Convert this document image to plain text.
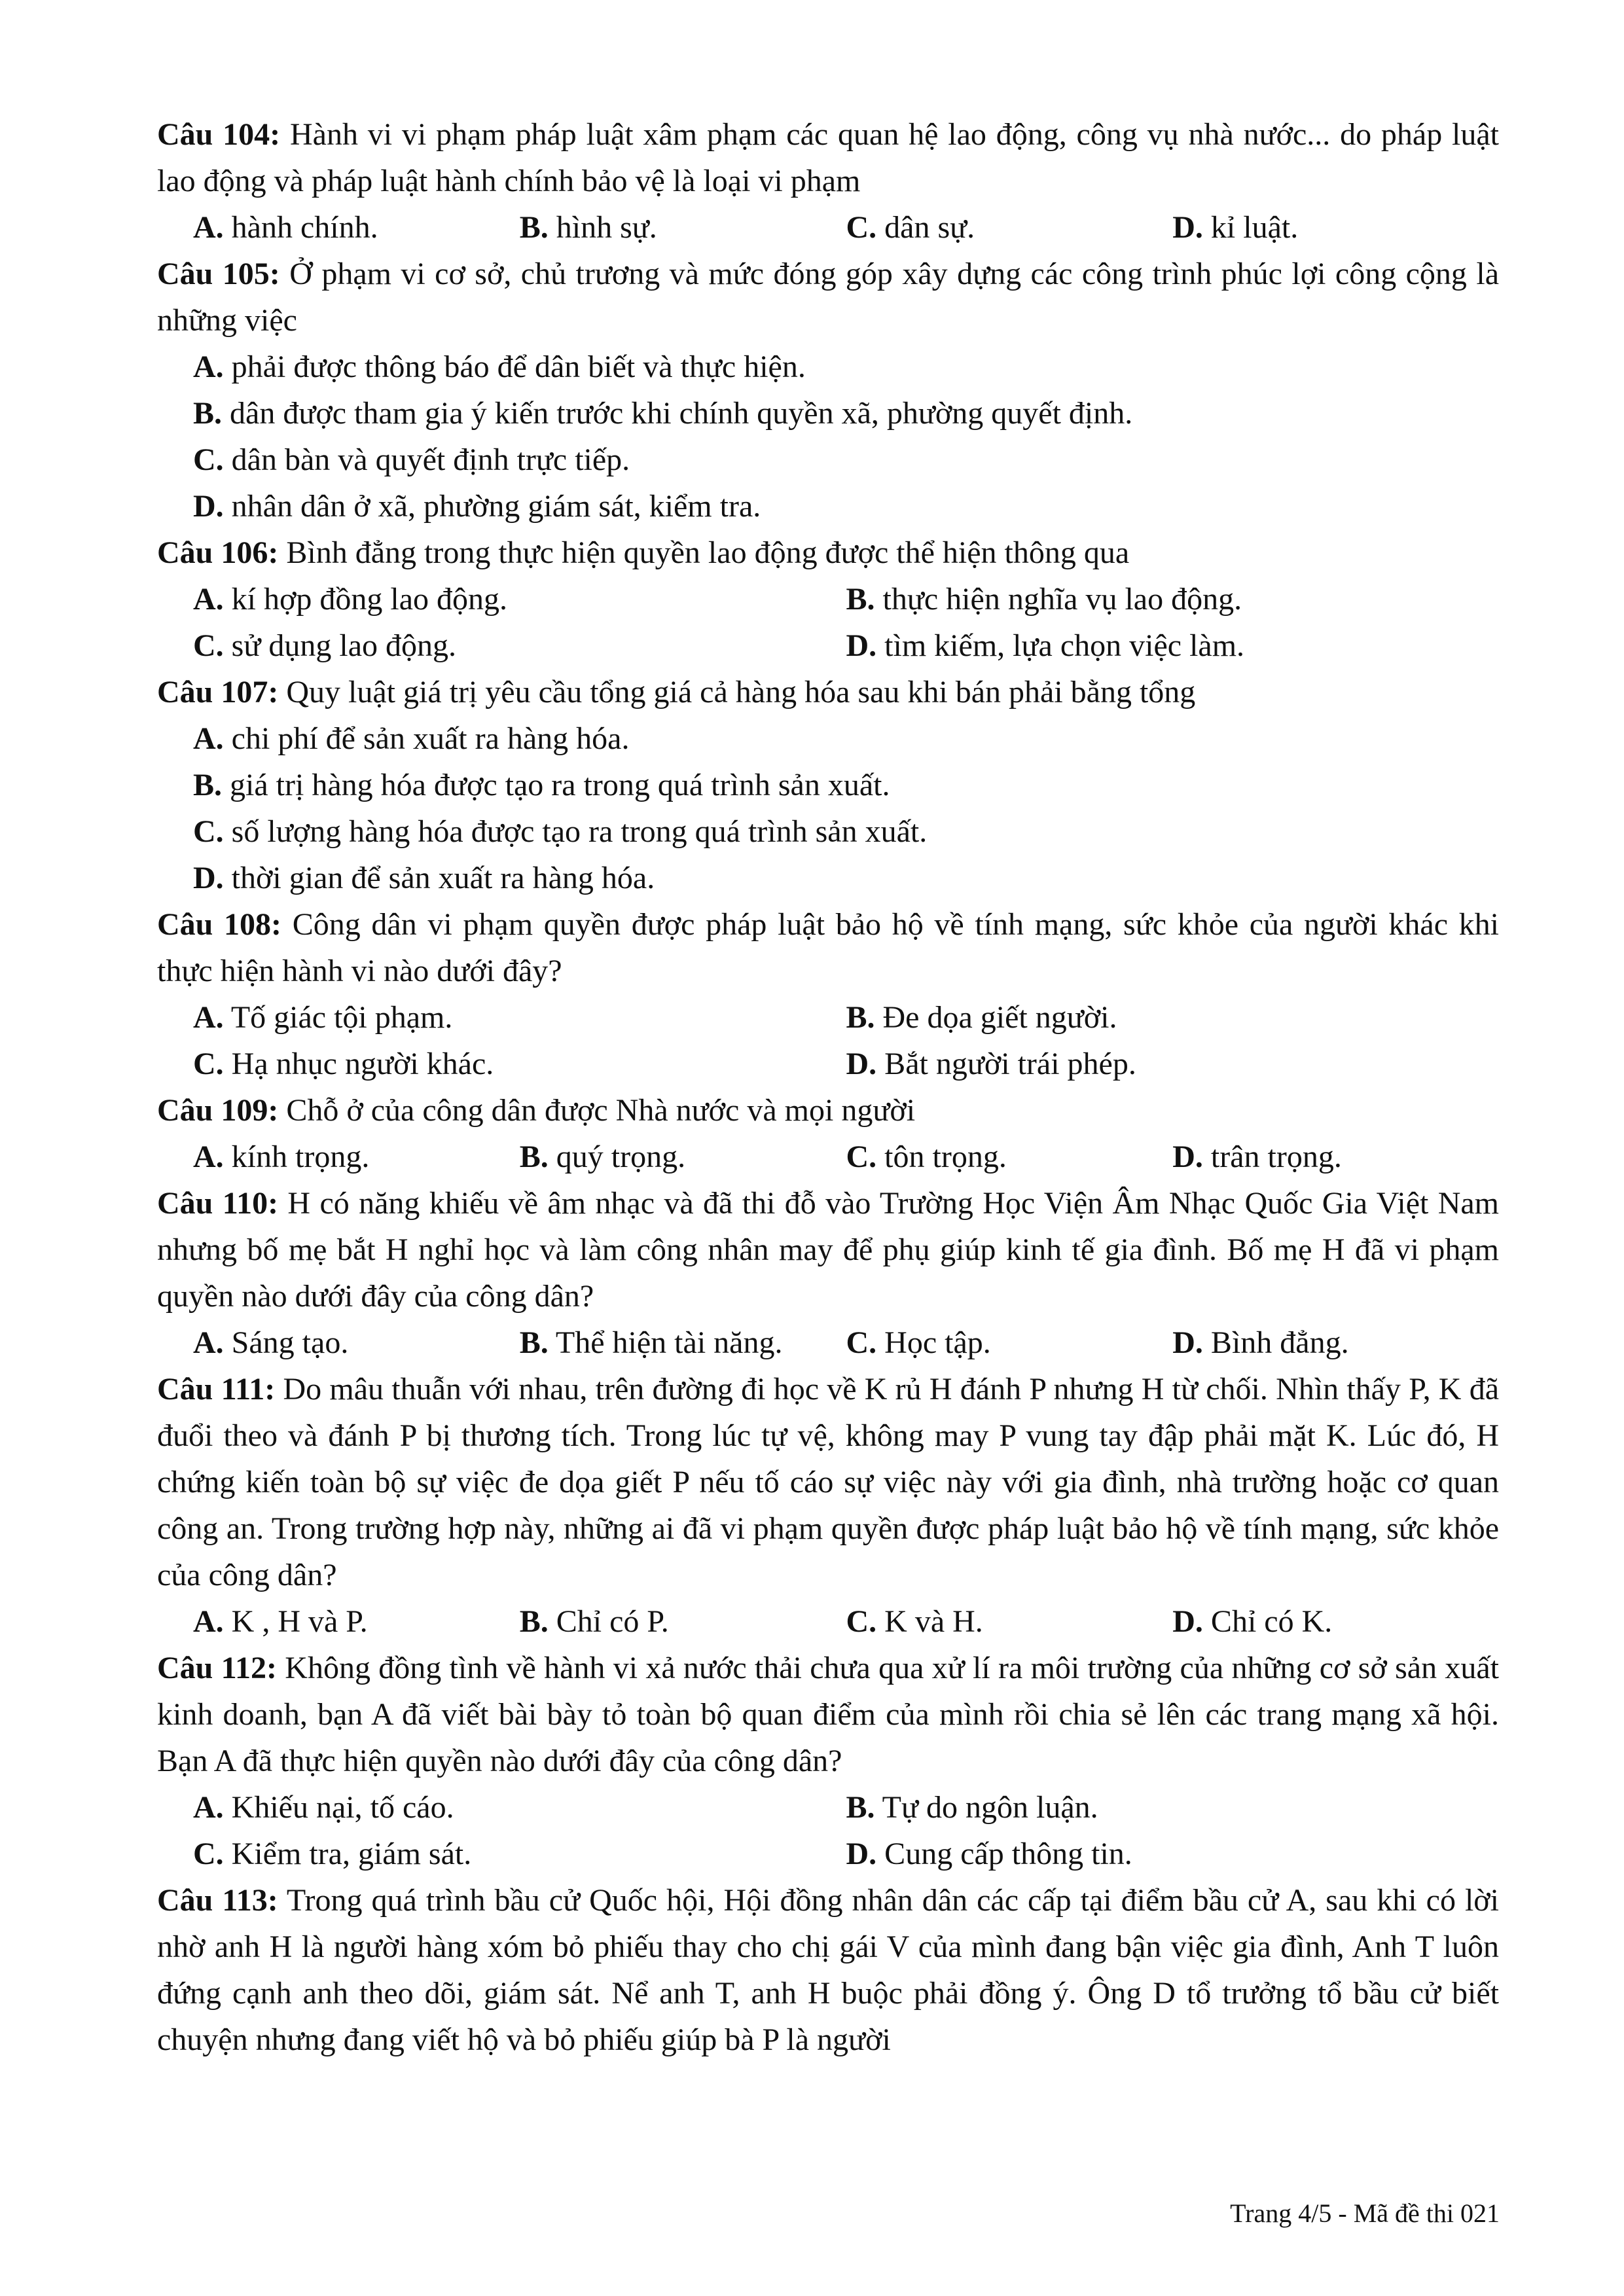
Câu 104: Hành vi vi phạm pháp luật xâm phạm các quan hệ lao động, công vụ nhà nước... do pháp luật lao động và pháp luật hành chính bảo vệ là loại vi phạm
A. hành chính.	B. hình sự.	C. dân sự.	D. kỉ luật.
Câu 105: Ở phạm vi cơ sở, chủ trương và mức đóng góp xây dựng các công trình phúc lợi công cộng là những việc
A. phải được thông báo để dân biết và thực hiện.
B. dân được tham gia ý kiến trước khi chính quyền xã, phường quyết định.
C. dân bàn và quyết định trực tiếp.
D. nhân dân ở xã, phường giám sát, kiểm tra.
Câu 106: Bình đẳng trong thực hiện quyền lao động được thể hiện thông qua
A. kí hợp đồng lao động.	B. thực hiện nghĩa vụ lao động.
C. sử dụng lao động.	D. tìm kiếm, lựa chọn việc làm.
Câu 107: Quy luật giá trị yêu cầu tổng giá cả hàng hóa sau khi bán phải bằng tổng
A. chi phí để sản xuất ra hàng hóa.
B. giá trị hàng hóa được tạo ra trong quá trình sản xuất.
C. số lượng hàng hóa được tạo ra trong quá trình sản xuất.
D. thời gian để sản xuất ra hàng hóa.
Câu 108: Công dân vi phạm quyền được pháp luật bảo hộ về tính mạng, sức khỏe của người khác khi thực hiện hành vi nào dưới đây?
A. Tố giác tội phạm.	B. Đe dọa giết người.
C. Hạ nhục người khác.	D. Bắt người trái phép.
Câu 109: Chỗ ở của công dân được Nhà nước và mọi người
A. kính trọng.	B. quý trọng.	C. tôn trọng.	D. trân trọng.
Câu 110: H có năng khiếu về âm nhạc và đã thi đỗ vào Trường Học Viện Âm Nhạc Quốc Gia Việt Nam nhưng bố mẹ bắt H nghỉ học và làm công nhân may để phụ giúp kinh tế gia đình. Bố mẹ H đã vi phạm quyền nào dưới đây của công dân?
A. Sáng tạo.	B. Thể hiện tài năng.	C. Học tập.	D. Bình đẳng.
Câu 111: Do mâu thuẫn với nhau, trên đường đi học về K rủ H đánh P nhưng H từ chối. Nhìn thấy P, K đã đuổi theo và đánh P bị thương tích. Trong lúc tự vệ, không may P vung tay đập phải mặt K. Lúc đó, H chứng kiến toàn bộ sự việc đe dọa giết P nếu tố cáo sự việc này với gia đình, nhà trường hoặc cơ quan công an. Trong trường hợp này, những ai đã vi phạm quyền được pháp luật bảo hộ về tính mạng, sức khỏe của công dân?
A. K , H và P.	B. Chỉ có P.	C. K và H.	D. Chỉ có K.
Câu 112: Không đồng tình về hành vi xả nước thải chưa qua xử lí ra môi trường của những cơ sở sản xuất kinh doanh, bạn A đã viết bài bày tỏ toàn bộ quan điểm của mình rồi chia sẻ lên các trang mạng xã hội. Bạn A đã thực hiện quyền nào dưới đây của công dân?
A. Khiếu nại, tố cáo.	B. Tự do ngôn luận.
C. Kiểm tra, giám sát.	D. Cung cấp thông tin.
Câu 113: Trong quá trình bầu cử Quốc hội, Hội đồng nhân dân các cấp tại điểm bầu cử A, sau khi có lời nhờ anh H là người hàng xóm bỏ phiếu thay cho chị gái V của mình đang bận việc gia đình, Anh T luôn đứng cạnh anh theo dõi, giám sát. Nể anh T, anh H buộc phải đồng ý. Ông D tổ trưởng tổ bầu cử biết chuyện nhưng đang viết hộ và bỏ phiếu giúp bà P là người
Trang 4/5 - Mã đề thi 021
